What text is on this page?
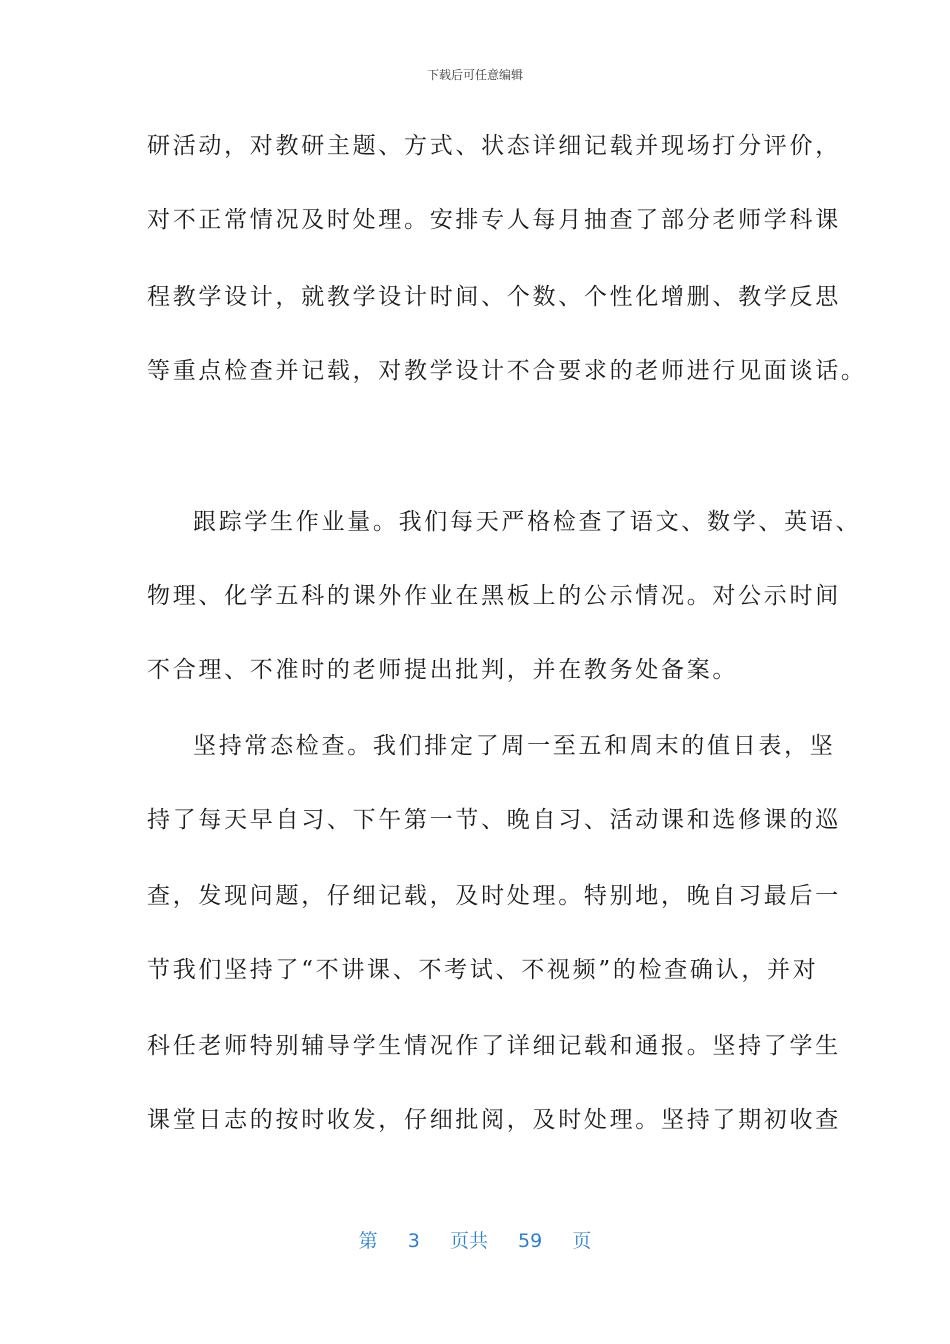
下载后可任意编辑
研活动，对教研主题、方式、状态详细记载并现场打分评价，
对不正常情况及时处理。安排专人每月抽查了部分老师学科课
程教学设计，就教学设计时间、个数、个性化增删、教学反思
等重点检查并记载，对教学设计不合要求的老师进行见面谈话。
跟踪学生作业量。我们每天严格检查了语文、数学、英语、
物理、化学五科的课外作业在黑板上的公示情况。对公示时间
不合理、不准时的老师提出批判，并在教务处备案。
坚持常态检查。我们排定了周一至五和周末的值日表，坚
持了每天早自习、下午第一节、晚自习、活动课和选修课的巡
查，发现问题，仔细记载，及时处理。特别地，晚自习最后一
节我们坚持了“不讲课、不考试、不视频”的检查确认，并对
科任老师特别辅导学生情况作了详细记载和通报。坚持了学生
课堂日志的按时收发，仔细批阅，及时处理。坚持了期初收查
第 3 页共 59 页
